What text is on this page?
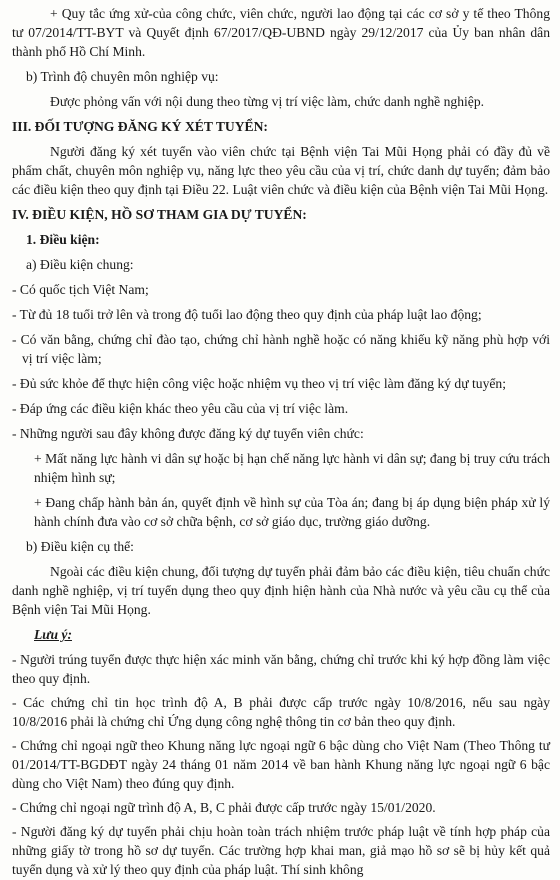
+ Quy tắc ứng xử-của công chức, viên chức, người lao động tại các cơ sở y tế theo Thông tư 07/2014/TT-BYT và Quyết định 67/2017/QĐ-UBND ngày 29/12/2017 của Ủy ban nhân dân thành phố Hồ Chí Minh.

b) Trình độ chuyên môn nghiệp vụ:

Được phỏng vấn với nội dung theo từng vị trí việc làm, chức danh nghề nghiệp.

III. ĐỐI TƯỢNG ĐĂNG KÝ XÉT TUYỂN:

Người đăng ký xét tuyển vào viên chức tại Bệnh viện Tai Mũi Họng phải có đầy đủ về phẩm chất, chuyên môn nghiệp vụ, năng lực theo yêu cầu của vị trí, chức danh dự tuyển; đảm bảo các điều kiện theo quy định tại Điều 22. Luật viên chức và điều kiện của Bệnh viện Tai Mũi Họng.

IV. ĐIỀU KIỆN, HỒ SƠ THAM GIA DỰ TUYỂN:

1. Điều kiện:

a) Điều kiện chung:

- Có quốc tịch Việt Nam;

- Từ đủ 18 tuổi trở lên và trong độ tuổi lao động theo quy định của pháp luật lao động;

- Có văn bằng, chứng chỉ đào tạo, chứng chỉ hành nghề hoặc có năng khiếu kỹ năng phù hợp với vị trí việc làm;

- Đủ sức khỏe để thực hiện công việc hoặc nhiệm vụ theo vị trí việc làm đăng ký dự tuyển;

- Đáp ứng các điều kiện khác theo yêu cầu của vị trí việc làm.

- Những người sau đây không được đăng ký dự tuyển viên chức:

+ Mất năng lực hành vi dân sự hoặc bị hạn chế năng lực hành vi dân sự; đang bị truy cứu trách nhiệm hình sự;

+ Đang chấp hành bản án, quyết định về hình sự của Tòa án; đang bị áp dụng biện pháp xử lý hành chính đưa vào cơ sở chữa bệnh, cơ sở giáo dục, trường giáo dưỡng.

b) Điều kiện cụ thể:

Ngoài các điều kiện chung, đối tượng dự tuyển phải đảm bảo các điều kiện, tiêu chuẩn chức danh nghề nghiệp, vị trí tuyển dụng theo quy định hiện hành của Nhà nước và yêu cầu cụ thể của Bệnh viện Tai Mũi Họng.

Lưu ý:

- Người trúng tuyển được thực hiện xác minh văn bằng, chứng chỉ trước khi ký hợp đồng làm việc theo quy định.

- Các chứng chỉ tin học trình độ A, B phải được cấp trước ngày 10/8/2016, nếu sau ngày 10/8/2016 phải là chứng chỉ Ứng dụng công nghệ thông tin cơ bản theo quy định.

- Chứng chỉ ngoại ngữ theo Khung năng lực ngoại ngữ 6 bậc dùng cho Việt Nam (Theo Thông tư 01/2014/TT-BGDĐT ngày 24 tháng 01 năm 2014 về ban hành Khung năng lực ngoại ngữ 6 bậc dùng cho Việt Nam) theo đúng quy định.

- Chứng chỉ ngoại ngữ trình độ A, B, C phải được cấp trước ngày 15/01/2020.

- Người đăng ký dự tuyển phải chịu hoàn toàn trách nhiệm trước pháp luật về tính hợp pháp của những giấy tờ trong hồ sơ dự tuyển. Các trường hợp khai man, giả mạo hồ sơ sẽ bị hủy kết quả tuyển dụng và xử lý theo quy định của pháp luật. Thí sinh không
